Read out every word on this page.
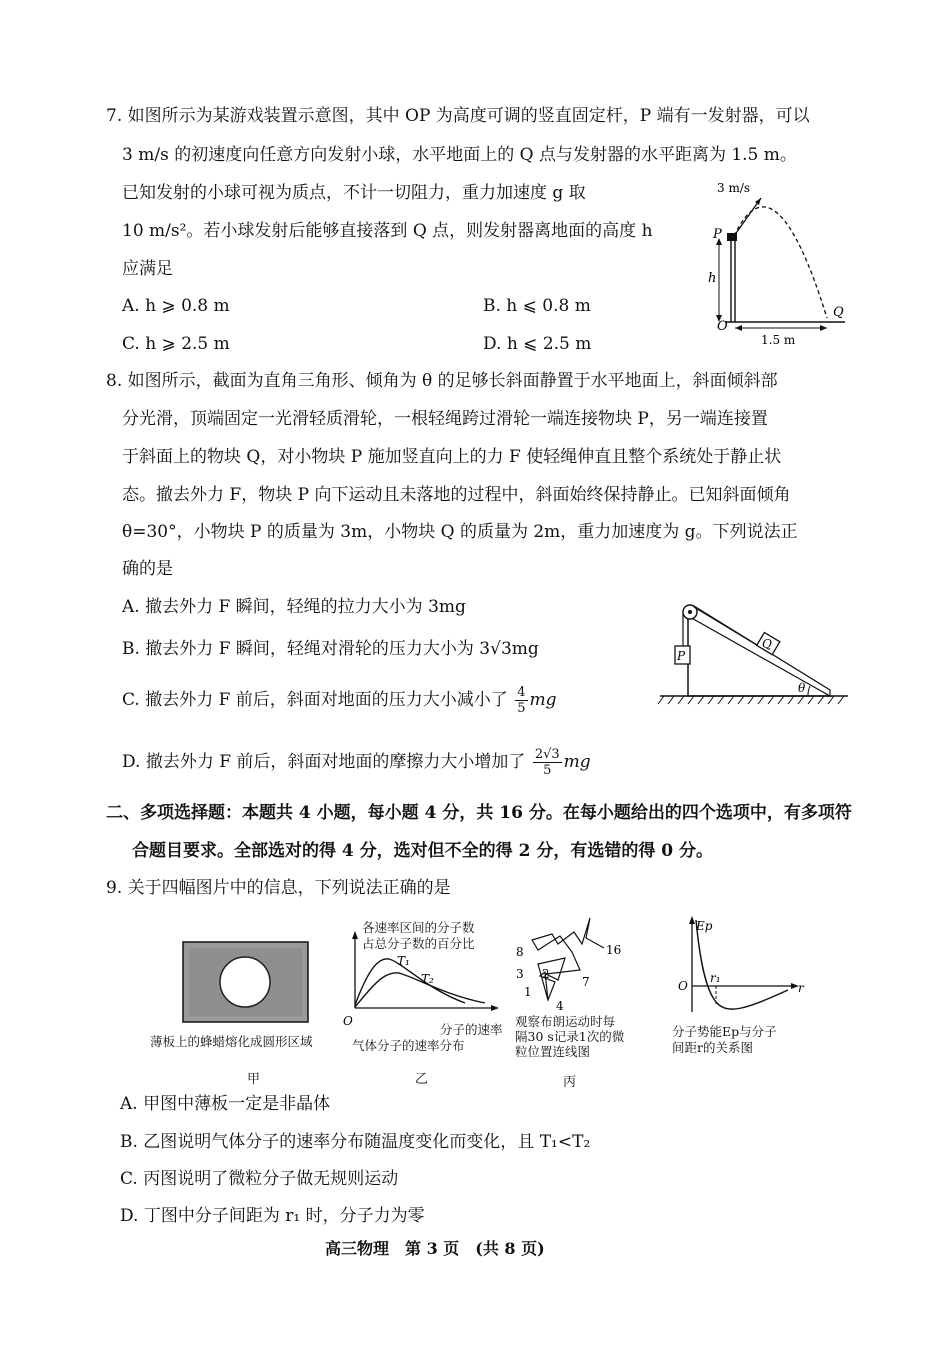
7. 如图所示为某游戏装置示意图，其中 OP 为高度可调的竖直固定杆，P 端有一发射器，可以
3 m/s 的初速度向任意方向发射小球，水平地面上的 Q 点与发射器的水平距离为 1.5 m。
已知发射的小球可视为质点，不计一切阻力，重力加速度 g 取
10 m/s²。若小球发射后能够直接落到 Q 点，则发射器离地面的高度 h
应满足
A. h ⩾ 0.8 m	B. h ⩽ 0.8 m
C. h ⩾ 2.5 m	D. h ⩽ 2.5 m
3 m/s
P
h
O
Q
1.5 m
8. 如图所示，截面为直角三角形、倾角为 θ 的足够长斜面静置于水平地面上，斜面倾斜部
分光滑，顶端固定一光滑轻质滑轮，一根轻绳跨过滑轮一端连接物块 P，另一端连接置
于斜面上的物块 Q，对小物块 P 施加竖直向上的力 F 使轻绳伸直且整个系统处于静止状
态。撤去外力 F，物块 P 向下运动且未落地的过程中，斜面始终保持静止。已知斜面倾角
θ=30°，小物块 P 的质量为 3m，小物块 Q 的质量为 2m，重力加速度为 g。下列说法正
确的是
A. 撤去外力 F 瞬间，轻绳的拉力大小为 3mg
B. 撤去外力 F 瞬间，轻绳对滑轮的压力大小为 3√3mg
C. 撤去外力 F 前后，斜面对地面的压力大小减小了 $\frac{4}{5}$ mg
D. 撤去外力 F 前后，斜面对地面的摩擦力大小增加了 $\frac{2√3}{5}$ mg
P
Q
θ
二、多项选择题：本题共 4 小题，每小题 4 分，共 16 分。在每小题给出的四个选项中，有多项符
合题目要求。全部选对的得 4 分，选对但不全的得 2 分，有选错的得 0 分。
9. 关于四幅图片中的信息，下列说法正确的是
薄板上的蜂蜡熔化成圆形区域
甲
各速率区间的分子数
占总分子数的百分比
T₁
T₂
O
分子的速率
气体分子的速率分布
乙
8	16
3 2
7
1
4
观察布朗运动时每
隔30 s记录1次的微
粒位置连线图
丙
Ep
O
r₁
r
分子势能Ep与分子
间距r的关系图
A. 甲图中薄板一定是非晶体
B. 乙图说明气体分子的速率分布随温度变化而变化，且 T₁<T₂
C. 丙图说明了微粒分子做无规则运动
D. 丁图中分子间距为 r₁ 时，分子力为零
高三物理　第 3 页　(共 8 页)
